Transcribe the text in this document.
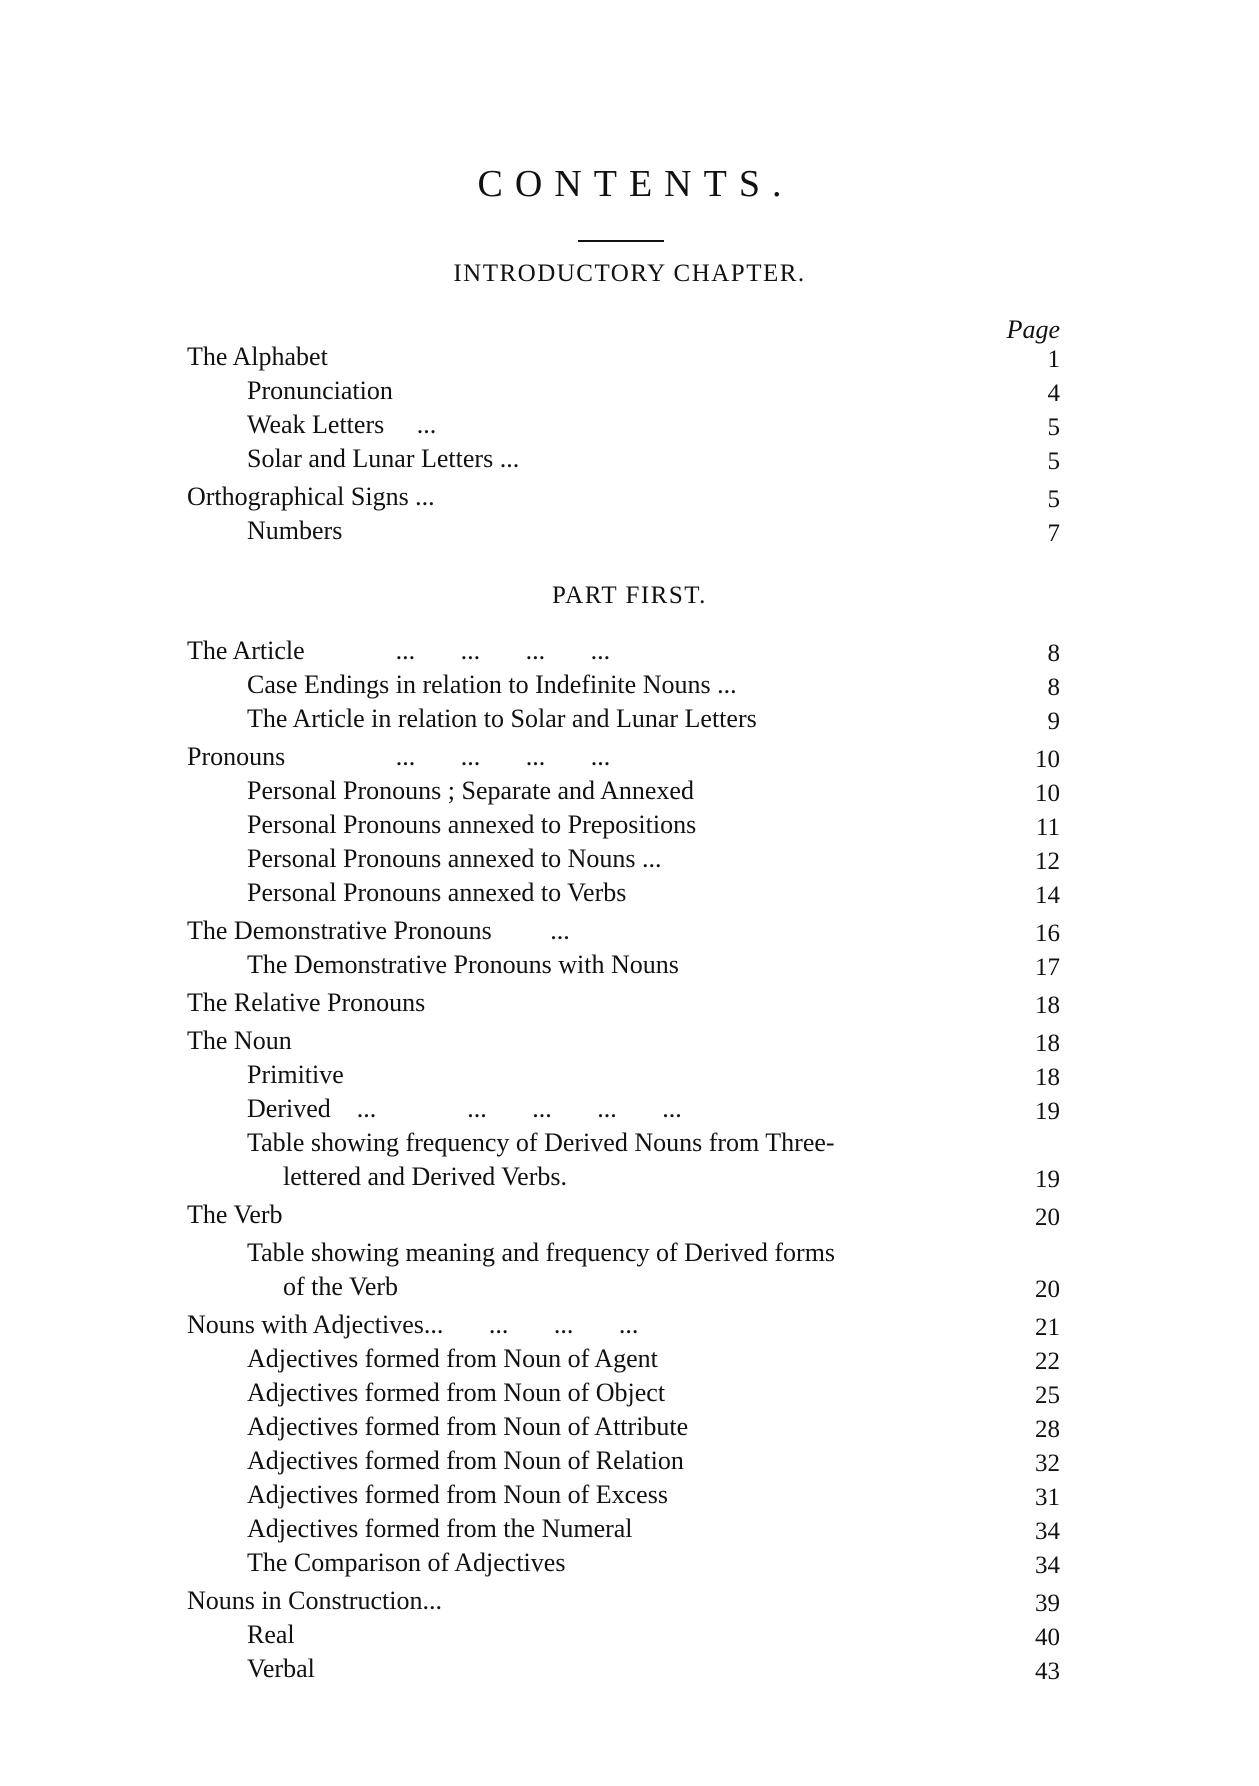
CONTENTS.
INTRODUCTORY CHAPTER.
Page
The Alphabet	1
Pronunciation	4
Weak Letters     ...	5
Solar and Lunar Letters ...	5
Orthographical Signs ...	5
Numbers	7
PART FIRST.
The Article              ...       ...       ...       ...	8
Case Endings in relation to Indefinite Nouns ...	8
The Article in relation to Solar and Lunar Letters	9
Pronouns                 ...       ...       ...       ...	10
Personal Pronouns ; Separate and Annexed	10
Personal Pronouns annexed to Prepositions	11
Personal Pronouns annexed to Nouns ...	12
Personal Pronouns annexed to Verbs	14
The Demonstrative Pronouns         ...	16
The Demonstrative Pronouns with Nouns	17
The Relative Pronouns	18
The Noun	18
Primitive	18
Derived    ...              ...       ...       ...       ...	19
Table showing frequency of Derived Nouns from Three-
lettered and Derived Verbs.	19
The Verb	20
Table showing meaning and frequency of Derived forms
of the Verb	20
Nouns with Adjectives...       ...       ...       ...	21
Adjectives formed from Noun of Agent	22
Adjectives formed from Noun of Object	25
Adjectives formed from Noun of Attribute	28
Adjectives formed from Noun of Relation	32
Adjectives formed from Noun of Excess	31
Adjectives formed from the Numeral	34
The Comparison of Adjectives	34
Nouns in Construction...	39
Real	40
Verbal	43
